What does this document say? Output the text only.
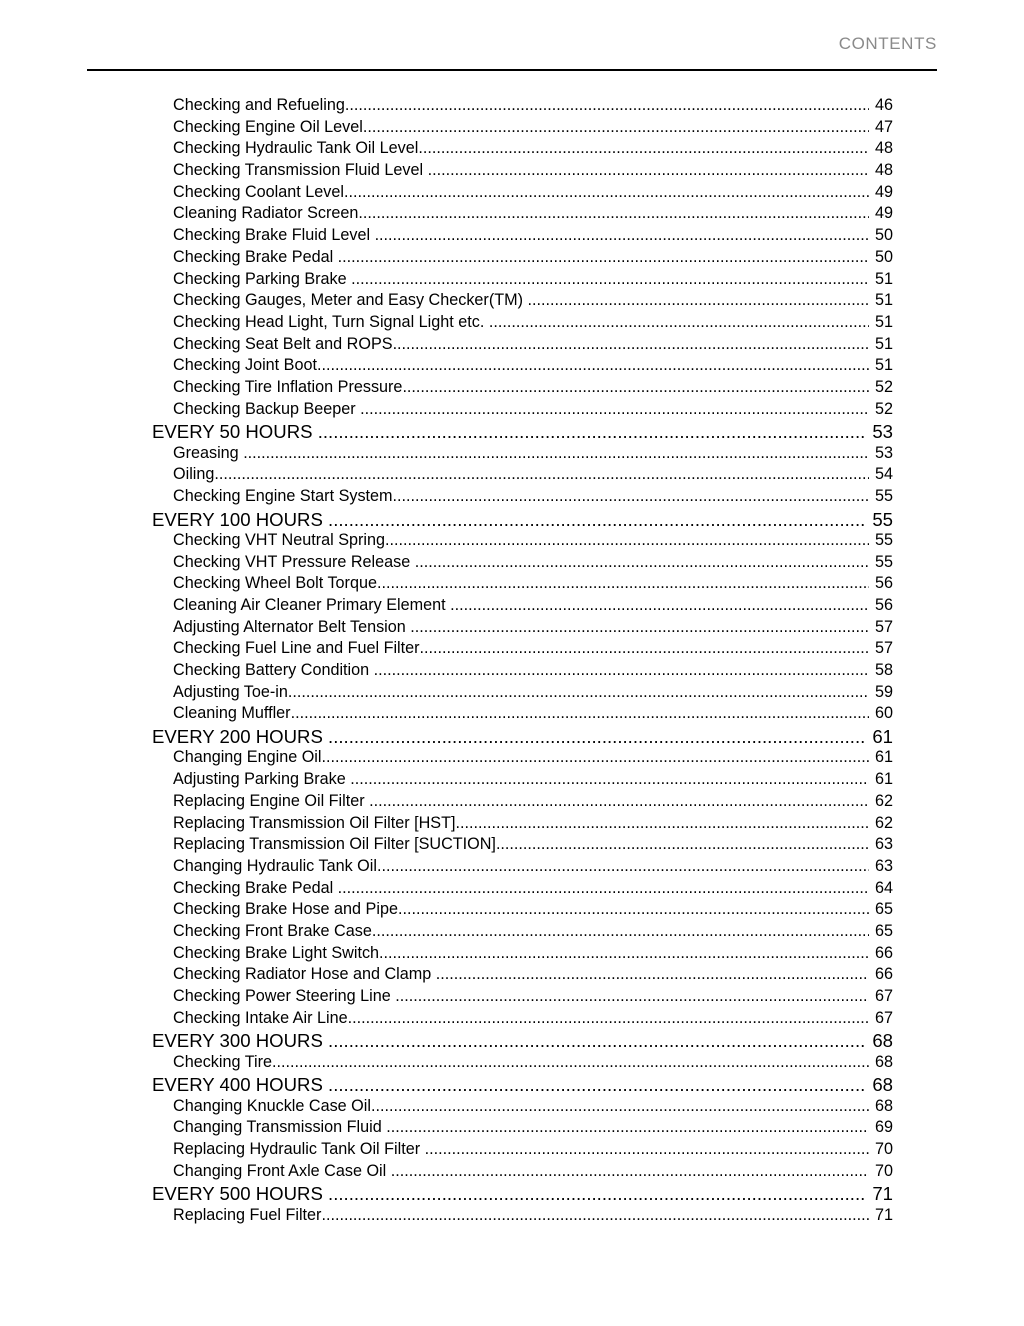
CONTENTS
Checking and Refueling .....	46
Checking Engine Oil Level .....	47
Checking Hydraulic Tank Oil Level .....	48
Checking Transmission Fluid Level .....	48
Checking Coolant Level .....	49
Cleaning Radiator Screen .....	49
Checking Brake Fluid Level .....	50
Checking Brake Pedal .....	50
Checking Parking Brake .....	51
Checking Gauges, Meter and Easy Checker(TM) .....	51
Checking Head Light, Turn Signal Light etc. .....	51
Checking Seat Belt and ROPS .....	51
Checking Joint Boot .....	51
Checking Tire Inflation Pressure .....	52
Checking Backup Beeper .....	52
EVERY 50 HOURS .....	53
Greasing .....	53
Oiling .....	54
Checking Engine Start System .....	55
EVERY 100 HOURS .....	55
Checking VHT Neutral Spring .....	55
Checking VHT Pressure Release .....	55
Checking Wheel Bolt Torque .....	56
Cleaning Air Cleaner Primary Element .....	56
Adjusting Alternator Belt Tension .....	57
Checking Fuel Line and Fuel Filter .....	57
Checking Battery Condition .....	58
Adjusting Toe-in .....	59
Cleaning Muffler .....	60
EVERY 200 HOURS .....	61
Changing Engine Oil .....	61
Adjusting Parking Brake .....	61
Replacing Engine Oil Filter .....	62
Replacing Transmission Oil Filter [HST] .....	62
Replacing Transmission Oil Filter [SUCTION] .....	63
Changing Hydraulic Tank Oil .....	63
Checking Brake Pedal .....	64
Checking Brake Hose and Pipe .....	65
Checking Front Brake Case .....	65
Checking Brake Light Switch .....	66
Checking Radiator Hose and Clamp .....	66
Checking Power Steering Line .....	67
Checking Intake Air Line .....	67
EVERY 300 HOURS .....	68
Checking Tire .....	68
EVERY 400 HOURS .....	68
Changing Knuckle Case Oil .....	68
Changing Transmission Fluid .....	69
Replacing Hydraulic Tank Oil Filter .....	70
Changing Front Axle Case Oil .....	70
EVERY 500 HOURS .....	71
Replacing Fuel Filter .....	71
